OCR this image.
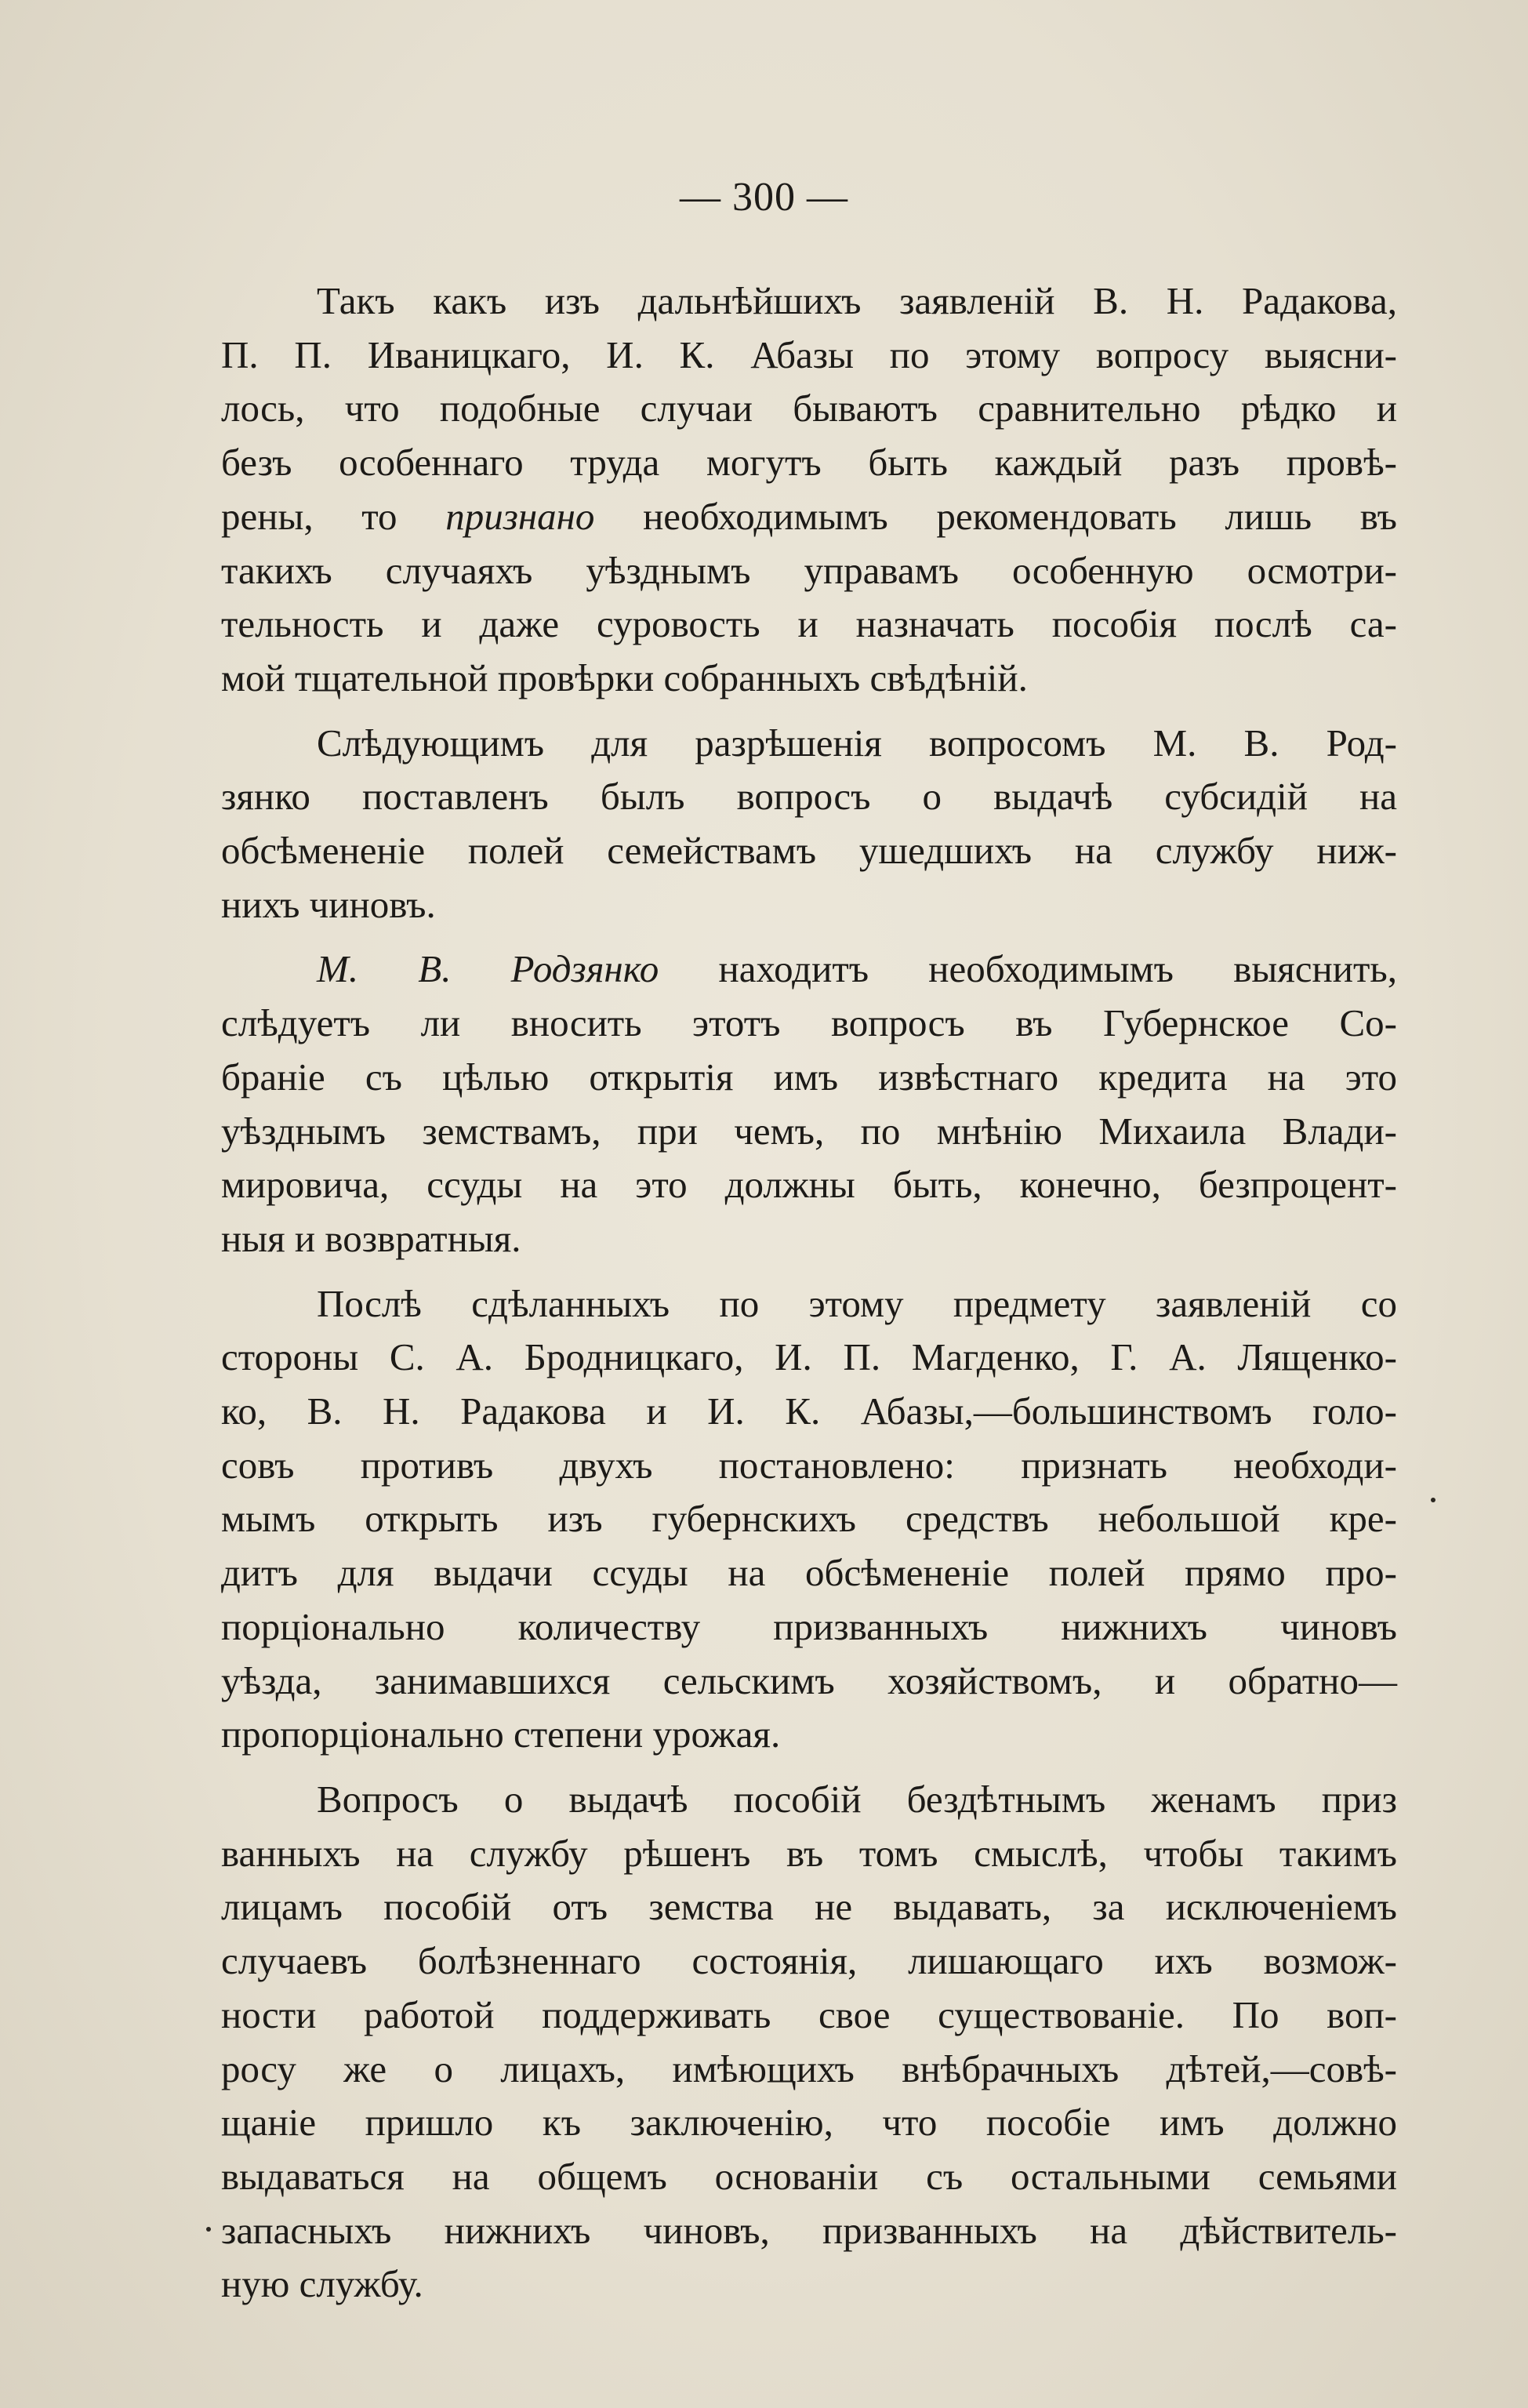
— 300 —

Такъ какъ изъ дальнѣйшихъ заявленій В. Н. Радакова,
П. П. Иваницкаго, И. К. Абазы по этому вопросу выясни-
лось, что подобные случаи бываютъ сравнительно рѣдко и
безъ особеннаго труда могутъ быть каждый разъ провѣ-
рены, то признано необходимымъ рекомендовать лишь въ
такихъ случаяхъ уѣзднымъ управамъ особенную осмотри-
тельность и даже суровость и назначать пособія послѣ са-
мой тщательной провѣрки собранныхъ свѣдѣній.

Слѣдующимъ для разрѣшенія вопросомъ М. В. Род-
зянко поставленъ былъ вопросъ о выдачѣ субсидій на
обсѣмененіе полей семействамъ ушедшихъ на службу ниж-
нихъ чиновъ.

М. В. Родзянко находитъ необходимымъ выяснить,
слѣдуетъ ли вносить этотъ вопросъ въ Губернское Со-
браніе съ цѣлью открытія имъ извѣстнаго кредита на это
уѣзднымъ земствамъ, при чемъ, по мнѣнію Михаила Влади-
мировича, ссуды на это должны быть, конечно, безпроцент-
ныя и возвратныя.

Послѣ сдѣланныхъ по этому предмету заявленій со
стороны С. А. Бродницкаго, И. П. Магденко, Г. А. Лященко-
ко, В. Н. Радакова и И. К. Абазы,—большинствомъ голо-
совъ противъ двухъ постановлено: признать необходи-
мымъ открыть изъ губернскихъ средствъ небольшой кре-
дитъ для выдачи ссуды на обсѣмененіе полей прямо про-
порціонально количеству призванныхъ нижнихъ чиновъ
уѣзда, занимавшихся сельскимъ хозяйствомъ, и обратно—
пропорціонально степени урожая.

Вопросъ о выдачѣ пособій бездѣтнымъ женамъ приз
ванныхъ на службу рѣшенъ въ томъ смыслѣ, чтобы такимъ
лицамъ пособій отъ земства не выдавать, за исключеніемъ
случаевъ болѣзненнаго состоянія, лишающаго ихъ возмож-
ности работой поддерживать свое существованіе. По воп-
росу же о лицахъ, имѣющихъ внѣбрачныхъ дѣтей,—совѣ-
щаніе пришло къ заключенію, что пособіе имъ должно
выдаваться на общемъ основаніи съ остальными семьями
запасныхъ нижнихъ чиновъ, призванныхъ на дѣйствитель-
ную службу.
